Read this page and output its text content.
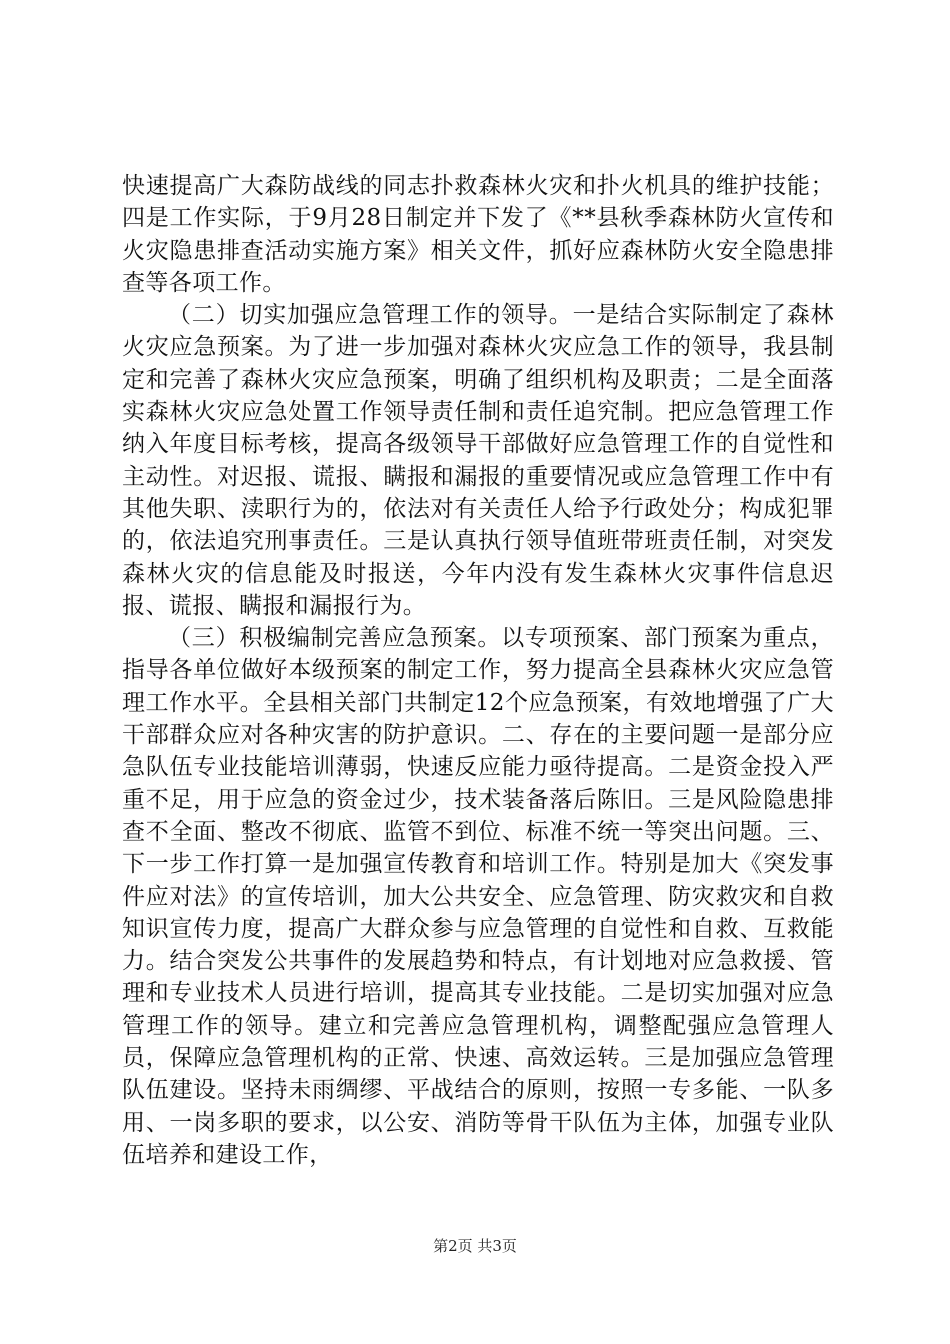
快速提高广大森防战线的同志扑救森林火灾和扑火机具的维护技能；四是工作实际，于9月28日制定并下发了《**县秋季森林防火宣传和火灾隐患排查活动实施方案》相关文件，抓好应森林防火安全隐患排查等各项工作。

（二）切实加强应急管理工作的领导。一是结合实际制定了森林火灾应急预案。为了进一步加强对森林火灾应急工作的领导，我县制定和完善了森林火灾应急预案，明确了组织机构及职责；二是全面落实森林火灾应急处置工作领导责任制和责任追究制。把应急管理工作纳入年度目标考核，提高各级领导干部做好应急管理工作的自觉性和主动性。对迟报、谎报、瞒报和漏报的重要情况或应急管理工作中有其他失职、渎职行为的，依法对有关责任人给予行政处分；构成犯罪的，依法追究刑事责任。三是认真执行领导值班带班责任制，对突发森林火灾的信息能及时报送，今年内没有发生森林火灾事件信息迟报、谎报、瞒报和漏报行为。

（三）积极编制完善应急预案。以专项预案、部门预案为重点，指导各单位做好本级预案的制定工作，努力提高全县森林火灾应急管理工作水平。全县相关部门共制定12个应急预案，有效地增强了广大干部群众应对各种灾害的防护意识。二、存在的主要问题一是部分应急队伍专业技能培训薄弱，快速反应能力亟待提高。二是资金投入严重不足，用于应急的资金过少，技术装备落后陈旧。三是风险隐患排查不全面、整改不彻底、监管不到位、标准不统一等突出问题。三、下一步工作打算一是加强宣传教育和培训工作。特别是加大《突发事件应对法》的宣传培训，加大公共安全、应急管理、防灾救灾和自救知识宣传力度，提高广大群众参与应急管理的自觉性和自救、互救能力。结合突发公共事件的发展趋势和特点，有计划地对应急救援、管理和专业技术人员进行培训，提高其专业技能。二是切实加强对应急管理工作的领导。建立和完善应急管理机构，调整配强应急管理人员，保障应急管理机构的正常、快速、高效运转。三是加强应急管理队伍建设。坚持未雨绸缪、平战结合的原则，按照一专多能、一队多用、一岗多职的要求，以公安、消防等骨干队伍为主体，加强专业队伍培养和建设工作，

第2页 共3页
